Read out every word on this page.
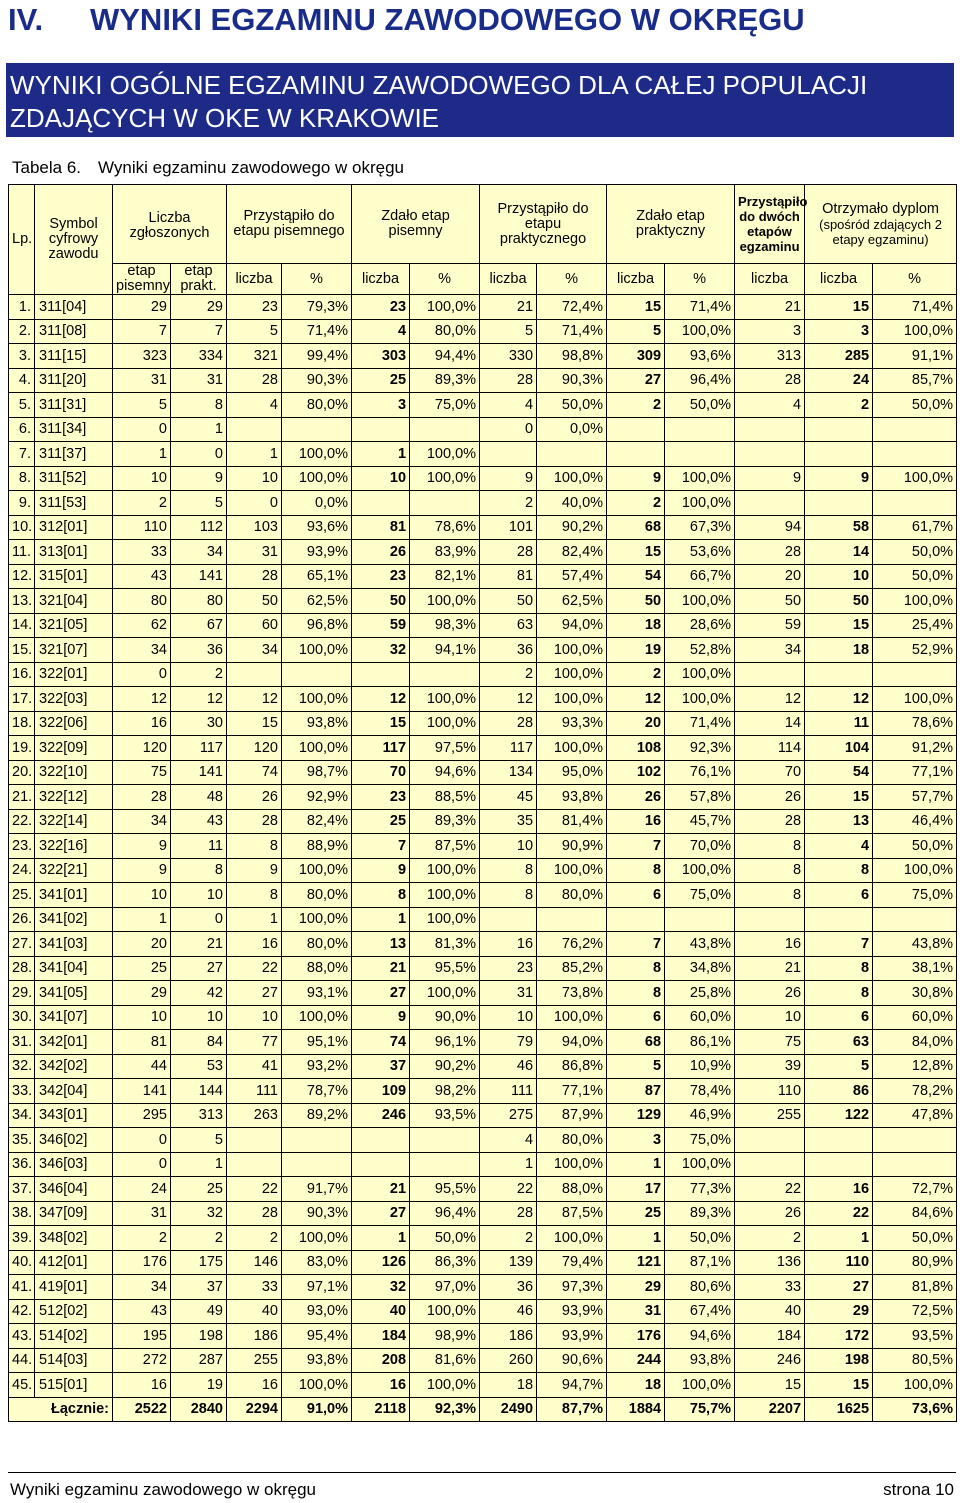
IV. WYNIKI EGZAMINU ZAWODOWEGO W OKRĘGU
WYNIKI OGÓLNE EGZAMINU ZAWODOWEGO DLA CAŁEJ POPULACJI ZDAJĄCYCH W OKE W KRAKOWIE
Tabela 6. Wyniki egzaminu zawodowego w okręgu
Lp.	Symbol cyfrowy zawodu	Liczba zgłoszonych		Przystąpiło do etapu pisemnego		Zdało etap pisemny		Przystąpiło do etapu praktycznego		Zdało etap praktyczny		Przystąpiło do dwóch etapów egzaminu	Otrzymało dyplom
(spośród zdających 2 etapy egzaminu)	

		etap pisemny	etap prakt.	liczba	%	liczba	%	liczba	%	liczba	%	liczba	liczba	%

1.	311[04]	29	29	23	79,3%	23	100,0%	21	72,4%	15	71,4%	21	15	71,4%
2.	311[08]	7	7	5	71,4%	4	80,0%	5	71,4%	5	100,0%	3	3	100,0%
3.	311[15]	323	334	321	99,4%	303	94,4%	330	98,8%	309	93,6%	313	285	91,1%
4.	311[20]	31	31	28	90,3%	25	89,3%	28	90,3%	27	96,4%	28	24	85,7%
5.	311[31]	5	8	4	80,0%	3	75,0%	4	50,0%	2	50,0%	4	2	50,0%
6.	311[34]	0	1					0	0,0%					
7.	311[37]	1	0	1	100,0%	1	100,0%							
8.	311[52]	10	9	10	100,0%	10	100,0%	9	100,0%	9	100,0%	9	9	100,0%
9.	311[53]	2	5	0	0,0%			2	40,0%	2	100,0%			
10.	312[01]	110	112	103	93,6%	81	78,6%	101	90,2%	68	67,3%	94	58	61,7%
11.	313[01]	33	34	31	93,9%	26	83,9%	28	82,4%	15	53,6%	28	14	50,0%
12.	315[01]	43	141	28	65,1%	23	82,1%	81	57,4%	54	66,7%	20	10	50,0%
13.	321[04]	80	80	50	62,5%	50	100,0%	50	62,5%	50	100,0%	50	50	100,0%
14.	321[05]	62	67	60	96,8%	59	98,3%	63	94,0%	18	28,6%	59	15	25,4%
15.	321[07]	34	36	34	100,0%	32	94,1%	36	100,0%	19	52,8%	34	18	52,9%
16.	322[01]	0	2					2	100,0%	2	100,0%			
17.	322[03]	12	12	12	100,0%	12	100,0%	12	100,0%	12	100,0%	12	12	100,0%
18.	322[06]	16	30	15	93,8%	15	100,0%	28	93,3%	20	71,4%	14	11	78,6%
19.	322[09]	120	117	120	100,0%	117	97,5%	117	100,0%	108	92,3%	114	104	91,2%
20.	322[10]	75	141	74	98,7%	70	94,6%	134	95,0%	102	76,1%	70	54	77,1%
21.	322[12]	28	48	26	92,9%	23	88,5%	45	93,8%	26	57,8%	26	15	57,7%
22.	322[14]	34	43	28	82,4%	25	89,3%	35	81,4%	16	45,7%	28	13	46,4%
23.	322[16]	9	11	8	88,9%	7	87,5%	10	90,9%	7	70,0%	8	4	50,0%
24.	322[21]	9	8	9	100,0%	9	100,0%	8	100,0%	8	100,0%	8	8	100,0%
25.	341[01]	10	10	8	80,0%	8	100,0%	8	80,0%	6	75,0%	8	6	75,0%
26.	341[02]	1	0	1	100,0%	1	100,0%							
27.	341[03]	20	21	16	80,0%	13	81,3%	16	76,2%	7	43,8%	16	7	43,8%
28.	341[04]	25	27	22	88,0%	21	95,5%	23	85,2%	8	34,8%	21	8	38,1%
29.	341[05]	29	42	27	93,1%	27	100,0%	31	73,8%	8	25,8%	26	8	30,8%
30.	341[07]	10	10	10	100,0%	9	90,0%	10	100,0%	6	60,0%	10	6	60,0%
31.	342[01]	81	84	77	95,1%	74	96,1%	79	94,0%	68	86,1%	75	63	84,0%
32.	342[02]	44	53	41	93,2%	37	90,2%	46	86,8%	5	10,9%	39	5	12,8%
33.	342[04]	141	144	111	78,7%	109	98,2%	111	77,1%	87	78,4%	110	86	78,2%
34.	343[01]	295	313	263	89,2%	246	93,5%	275	87,9%	129	46,9%	255	122	47,8%
35.	346[02]	0	5					4	80,0%	3	75,0%			
36.	346[03]	0	1					1	100,0%	1	100,0%			
37.	346[04]	24	25	22	91,7%	21	95,5%	22	88,0%	17	77,3%	22	16	72,7%
38.	347[09]	31	32	28	90,3%	27	96,4%	28	87,5%	25	89,3%	26	22	84,6%
39.	348[02]	2	2	2	100,0%	1	50,0%	2	100,0%	1	50,0%	2	1	50,0%
40.	412[01]	176	175	146	83,0%	126	86,3%	139	79,4%	121	87,1%	136	110	80,9%
41.	419[01]	34	37	33	97,1%	32	97,0%	36	97,3%	29	80,6%	33	27	81,8%
42.	512[02]	43	49	40	93,0%	40	100,0%	46	93,9%	31	67,4%	40	29	72,5%
43.	514[02]	195	198	186	95,4%	184	98,9%	186	93,9%	176	94,6%	184	172	93,5%
44.	514[03]	272	287	255	93,8%	208	81,6%	260	90,6%	244	93,8%	246	198	80,5%
45.	515[01]	16	19	16	100,0%	16	100,0%	18	94,7%	18	100,0%	15	15	100,0%
Łącznie:		2522	2840	2294	91,0%	2118	92,3%	2490	87,7%	1884	75,7%	2207	1625	73,6%
Wyniki egzaminu zawodowego w okręgu	strona 10
